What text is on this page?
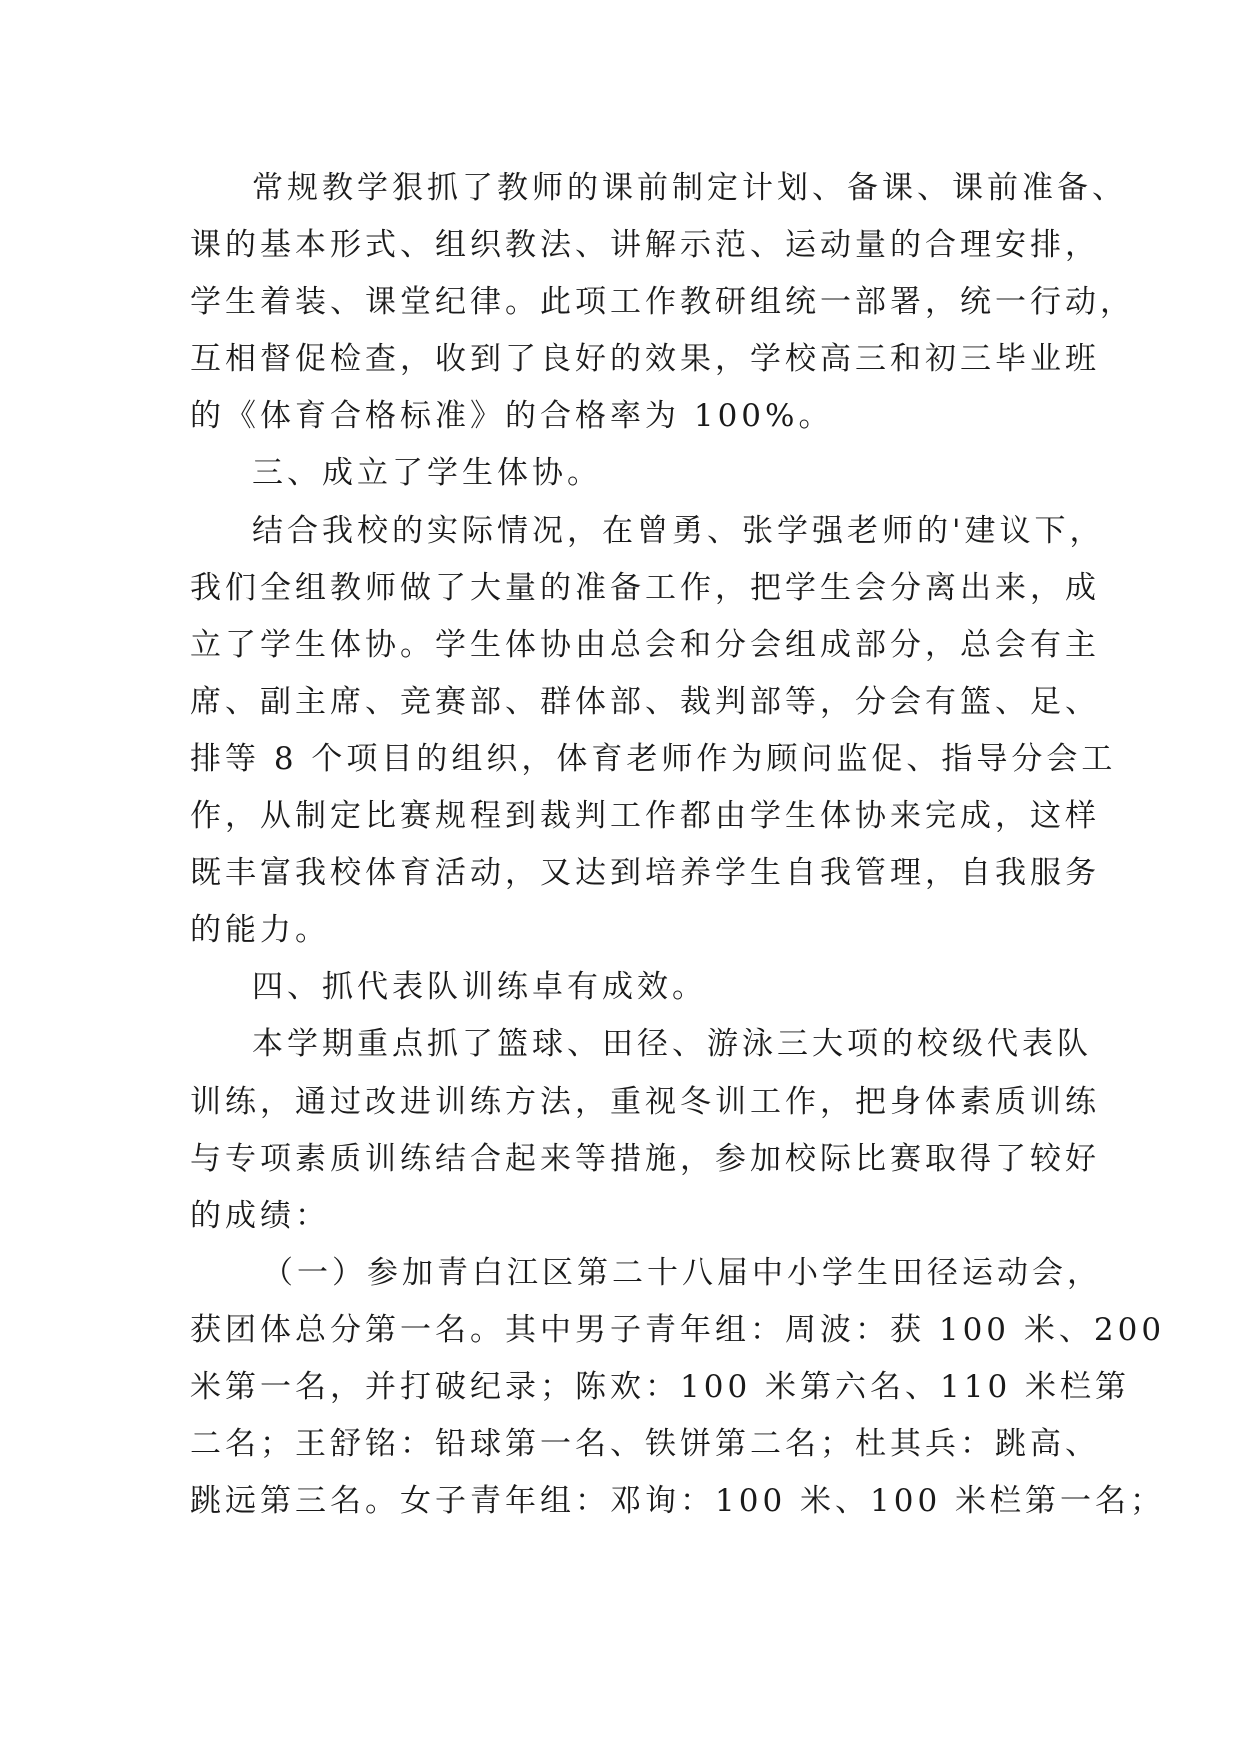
常规教学狠抓了教师的课前制定计划、备课、课前准备、
课的基本形式、组织教法、讲解示范、运动量的合理安排，
学生着装、课堂纪律。此项工作教研组统一部署，统一行动，
互相督促检查，收到了良好的效果，学校高三和初三毕业班
的《体育合格标准》的合格率为 100%。
三、成立了学生体协。
结合我校的实际情况，在曾勇、张学强老师的'建议下，
我们全组教师做了大量的准备工作，把学生会分离出来，成
立了学生体协。学生体协由总会和分会组成部分，总会有主
席、副主席、竞赛部、群体部、裁判部等，分会有篮、足、
排等 8 个项目的组织，体育老师作为顾问监促、指导分会工
作，从制定比赛规程到裁判工作都由学生体协来完成，这样
既丰富我校体育活动，又达到培养学生自我管理，自我服务
的能力。
四、抓代表队训练卓有成效。
本学期重点抓了篮球、田径、游泳三大项的校级代表队
训练，通过改进训练方法，重视冬训工作，把身体素质训练
与专项素质训练结合起来等措施，参加校际比赛取得了较好
的成绩：
（一）参加青白江区第二十八届中小学生田径运动会，
获团体总分第一名。其中男子青年组：周波：获 100 米、200
米第一名，并打破纪录；陈欢：100 米第六名、110 米栏第
二名；王舒铭：铅球第一名、铁饼第二名；杜其兵：跳高、
跳远第三名。女子青年组：邓询：100 米、100 米栏第一名；
